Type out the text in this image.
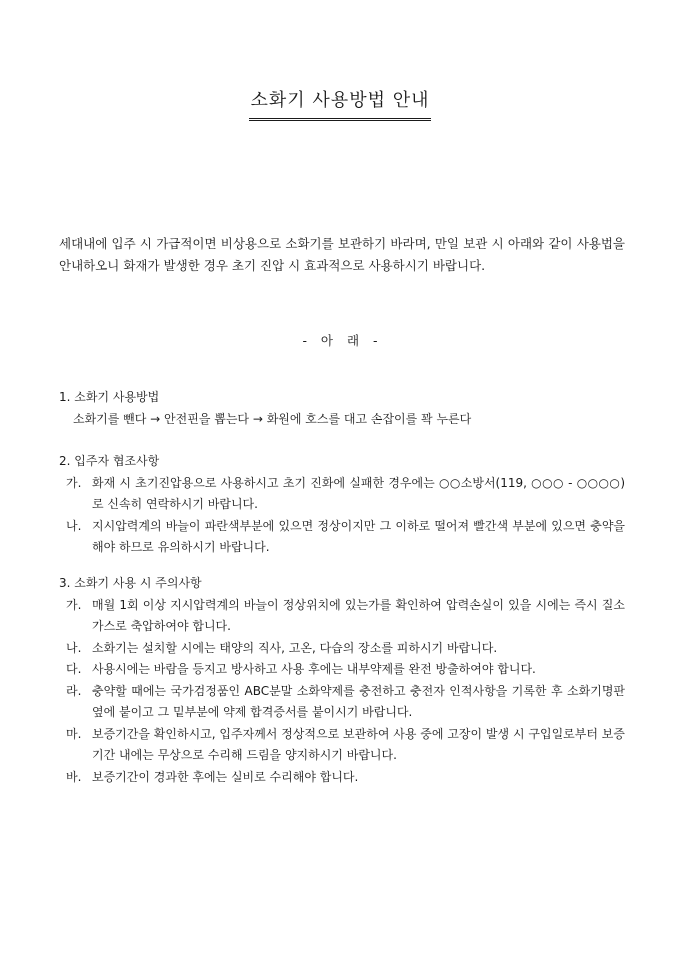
소화기 사용방법 안내
세대내에 입주 시 가급적이면 비상용으로 소화기를 보관하기 바라며, 만일 보관 시 아래와 같이 사용법을 안내하오니 화재가 발생한 경우 초기 진압 시 효과적으로 사용하시기 바랍니다.
- 아 래 -
1. 소화기 사용방법
소화기를 뺀다 → 안전핀을 뽑는다 → 화원에 호스를 대고 손잡이를 꽉 누른다
2. 입주자 협조사항
가. 화재 시 초기진압용으로 사용하시고 초기 진화에 실패한 경우에는 ○○소방서(119, ○○○ - ○○○○)로 신속히 연락하시기 바랍니다.
나. 지시압력계의 바늘이 파란색부분에 있으면 정상이지만 그 이하로 떨어져 빨간색 부분에 있으면 충약을 해야 하므로 유의하시기 바랍니다.
3. 소화기 사용 시 주의사항
가. 매월 1회 이상 지시압력계의 바늘이 정상위치에 있는가를 확인하여 압력손실이 있을 시에는 즉시 질소가스로 축압하여야 합니다.
나. 소화기는 설치할 시에는 태양의 직사, 고온, 다습의 장소를 피하시기 바랍니다.
다. 사용시에는 바람을 등지고 방사하고 사용 후에는 내부약제를 완전 방출하여야 합니다.
라. 충약할 때에는 국가검정품인 ABC분말 소화약제를 충전하고 충전자 인적사항을 기록한 후 소화기명판 옆에 붙이고 그 밑부분에 약제 합격증서를 붙이시기 바랍니다.
마. 보증기간을 확인하시고, 입주자께서 정상적으로 보관하여 사용 중에 고장이 발생 시 구입일로부터 보증기간 내에는 무상으로 수리해 드림을 양지하시기 바랍니다.
바. 보증기간이 경과한 후에는 실비로 수리해야 합니다.
